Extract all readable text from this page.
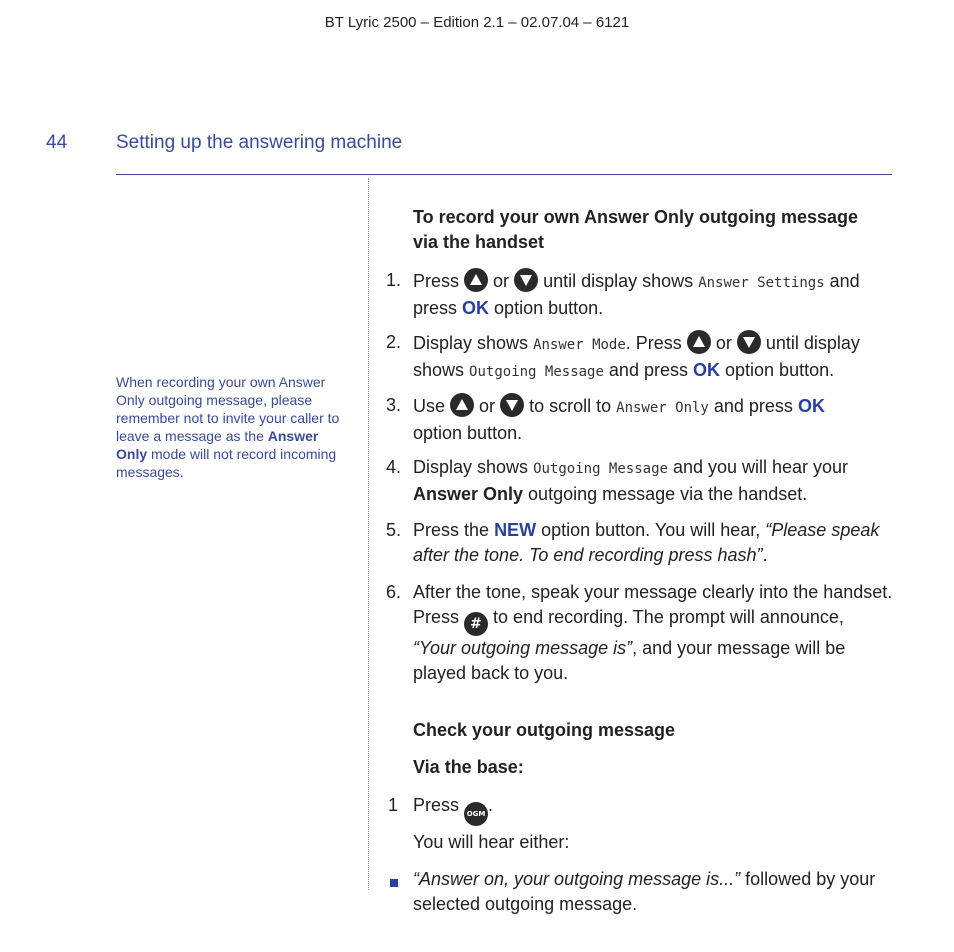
BT Lyric 2500 – Edition 2.1 – 02.07.04 – 6121
44	Setting up the answering machine
When recording your own Answer Only outgoing message, please remember not to invite your caller to leave a message as the Answer Only mode will not record incoming messages.
To record your own Answer Only outgoing message
via the handset
1. Press or until display shows Answer Settings and
press OK option button.
2. Display shows Answer Mode. Press or until display
shows Outgoing Message and press OK option button.
3. Use or to scroll to Answer Only and press OK
option button.
4. Display shows Outgoing Message and you will hear your
Answer Only outgoing message via the handset.
5. Press the NEW option button. You will hear, “Please speak
after the tone. To end recording press hash”.
6. After the tone, speak your message clearly into the handset.
Press # to end recording. The prompt will announce,
“Your outgoing message is”, and your message will be
played back to you.
Check your outgoing message
Via the base:
1 Press OGM .
You will hear either:
“Answer on, your outgoing message is...” followed by your
selected outgoing message.
